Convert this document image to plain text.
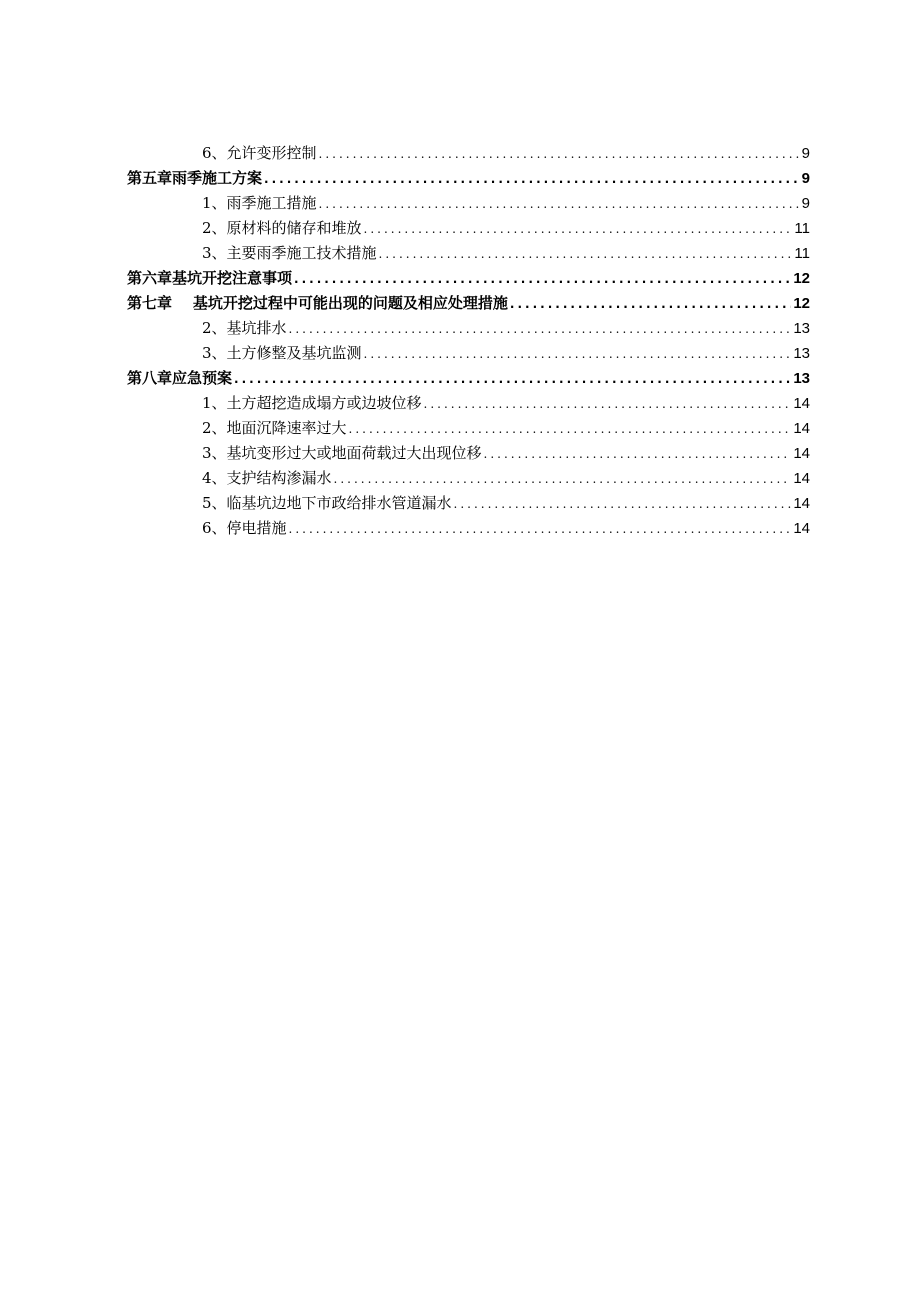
6、允许变形控制 .....	9
第五章雨季施工方案 .....	9
1、雨季施工措施 .....	9
2、原材料的储存和堆放 .....	11
3、主要雨季施工技术措施 .....	11
第六章基坑开挖注意事项 .....	12
第七章    基坑开挖过程中可能出现的问题及相应处理措施 .....	12
2、基坑排水 .....	13
3、土方修整及基坑监测 .....	13
第八章应急预案 .....	13
1、土方超挖造成塌方或边坡位移 .....	14
2、地面沉降速率过大 .....	14
3、基坑变形过大或地面荷载过大出现位移 .....	14
4、支护结构渗漏水 .....	14
5、临基坑边地下市政给排水管道漏水 .....	14
6、停电措施 .....	14
